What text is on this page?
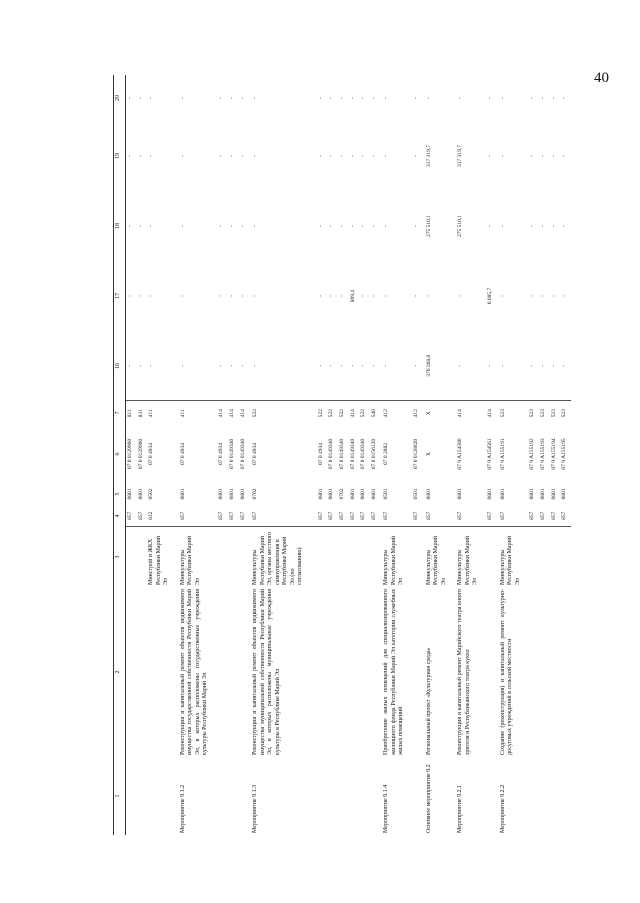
40
1	2	3	4	5	6	7	16	17	18	19	20
			857	0801	07 0 0129960	811	-	-	-	-	-
			857	0801	07 0 0129960	831	-	-	-	-	-
		Минстрой и ЖКХ Республики Марий Эл	832	0502	07 0 4934	411	-	-	-	-	-
Мероприятие 9.1.2	Реконструкция и капитальный ремонт объектов недвижимого имущества государственной собственности Республики Марий Эл, в которых расположены государственные учреждения культуры Республики Марий Эл	Минкультуры Республики Марий Эл	857	0801	07 0 4934	411	-	-	-	-	-
			857	0801	07 0 4934	414	-	-	-	-	-
			857	0801	07 0 0149340	414	-	-	-	-	-
			857	0801	07 0 0149340	414	-	-	-	-	-
Мероприятие 9.1.3	Реконструкция и капитальный ремонт объектов недвижимого имущества муниципальной собственности Республики Марий Эл, в которых расположены муниципальные учреждения культуры в Республике Марий Эл	Минкультуры Республики Марий Эл, органы местного самоуправления в Республике Марий Эл (по согласованию)	857	0702	07 0 4934	522	-	-	-	-	-
			857	0801	07 0 4934	522	-	-	-	-	-
			857	0801	07 0 0149340	522	-	-	-	-	-
			857	0702	07 0 0149340	522	-	-	-	-	-
			857	0801	07 0 0149340	414	-	869,4	-	-	-
			857	0801	07 0 0149340	522	-	-	-	-	-
			857	0801	07 0 0156120	540	-	-	-	-	-
Мероприятие 9.1.4	Приобретение жилых помещений для специализированного жилищного фонда Республики Марий Эл категории служебных жилых помещений	Минкультуры Республики Марий Эл	857	0501	07 0 2882	412	-	-	-	-	-
			857	0501	07 0 0128820	412	-	-	-	-	-
Основное мероприятие 9.2	Региональный проект «Культурная среда»	Минкультуры Республики Марий Эл	857	0801	Х	Х	376 268,0	-	275 510,1	317 319,7	-
Мероприятие 9.2.1	Реконструкция и капитальный ремонт Марийского театра юного зрителя и Республиканского театра кукол	Минкультуры Республики Марий Эл	857	0801	07 9 A154560	414	-	-	275 510,1	317 319,7	-
			857	0801	07 9 A154561	414	-	6 085,7	-	-	-
Мероприятие 9.2.2	Создание (реконструкция) и капитальный ремонт культурно-досуговых учреждений в сельской местности	Минкультуры Республики Марий Эл	857	0801	07 9 A155191	523	-	-	-	-	-
			857	0801	07 9 A155192	523	-	-	-	-	-
			857	0801	07 9 A155193	523	-	-	-	-	-
			857	0801	07 9 A155194	523	-	-	-	-	-
			857	0801	07 9 A155195	523	-	-	-	-	-
